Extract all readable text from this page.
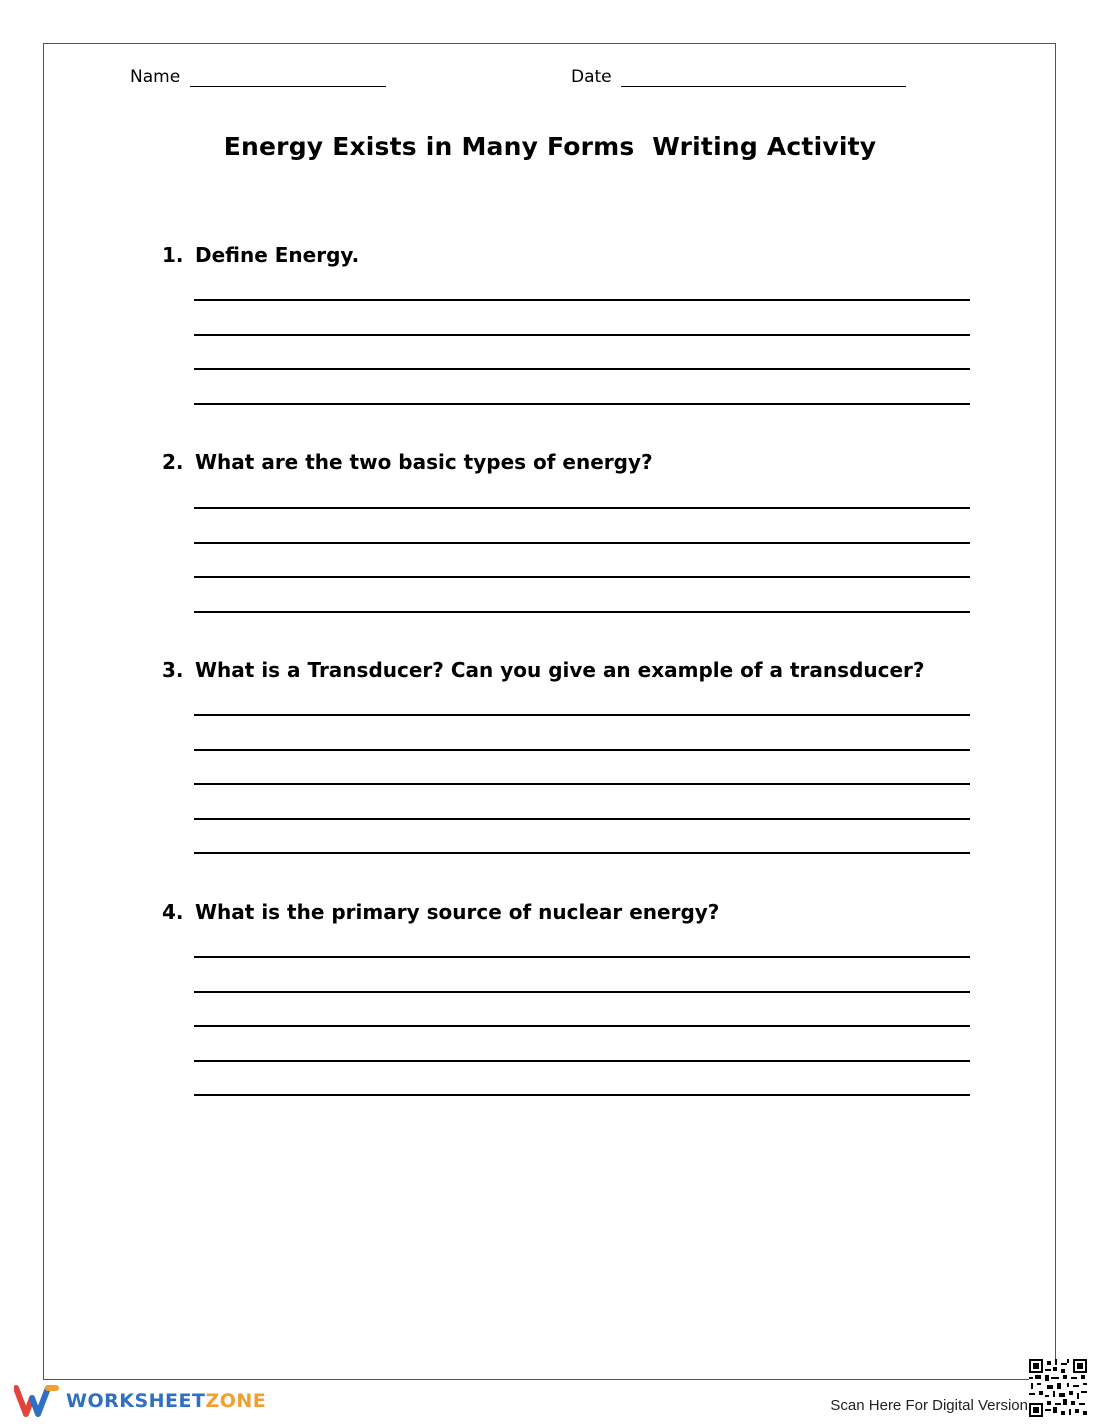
Name	Date
Energy Exists in Many Forms  Writing Activity
1. Define Energy.
2. What are the two basic types of energy?
3. What is a Transducer? Can you give an example of a transducer?
4. What is the primary source of nuclear energy?
WORKSHEETZONE	Scan Here For Digital Version
